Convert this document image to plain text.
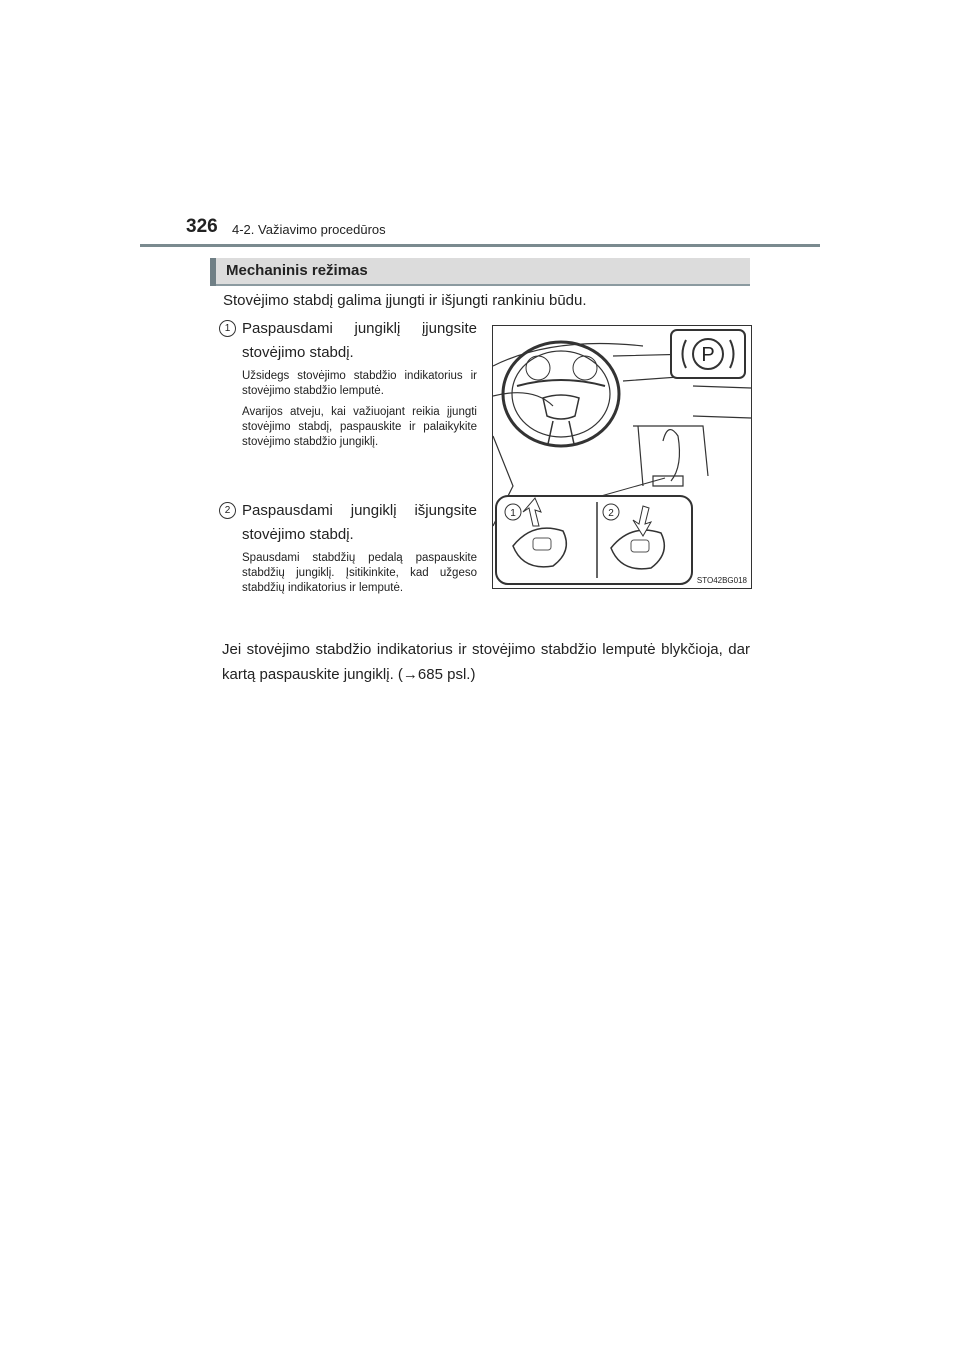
326 4-2. Važiavimo procedūros
Mechaninis režimas
Stovėjimo stabdį galima įjungti ir išjungti rankiniu būdu.
1 Paspausdami jungiklį įjungsite stovėjimo stabdį.

Užsidegs stovėjimo stabdžio indikatorius ir stovėjimo stabdžio lemputė.

Avarijos atveju, kai važiuojant reikia įjungti stovėjimo stabdį, paspauskite ir palaikykite stovėjimo stabdžio jungiklį.

2 Paspausdami jungiklį išjungsite stovėjimo stabdį.

Spausdami stabdžių pedalą paspauskite stabdžių jungiklį. Įsitikinkite, kad užgeso stabdžių indikatorius ir lemputė.

Jei stovėjimo stabdžio indikatorius ir stovėjimo stabdžio lemputė blykčioja, dar kartą paspauskite jungiklį. (→685 psl.)
P
1	2
STO42BG018
